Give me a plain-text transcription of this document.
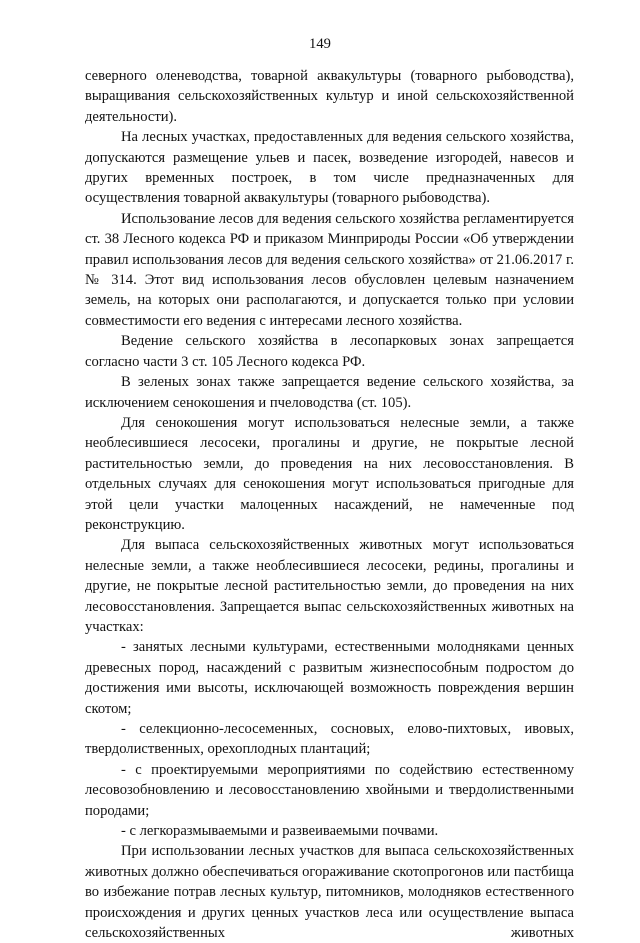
149

северного оленеводства, товарной аквакультуры (товарного рыбоводства), выращивания сельскохозяйственных культур и иной сельскохозяйственной деятельности).

На лесных участках, предоставленных для ведения сельского хозяйства, допускаются размещение ульев и пасек, возведение изгородей, навесов и других временных построек, в том числе предназначенных для осуществления товарной аквакультуры (товарного рыбоводства).

Использование лесов для ведения сельского хозяйства регламентируется ст. 38 Лесного кодекса РФ и приказом Минприроды России «Об утверждении правил использования лесов для ведения сельского хозяйства» от 21.06.2017 г. № 314. Этот вид использования лесов обусловлен целевым назначением земель, на которых они располагаются, и допускается только при условии совместимости его ведения с интересами лесного хозяйства.

Ведение сельского хозяйства в лесопарковых зонах запрещается согласно части 3 ст. 105 Лесного кодекса РФ.

В зеленых зонах также запрещается ведение сельского хозяйства, за исключением сенокошения и пчеловодства (ст. 105).

Для сенокошения могут использоваться нелесные земли, а также необлесившиеся лесосеки, прогалины и другие, не покрытые лесной растительностью земли, до проведения на них лесовосстановления. В отдельных случаях для сенокошения могут использоваться пригодные для этой цели участки малоценных насаждений, не намеченные под реконструкцию.

Для выпаса сельскохозяйственных животных могут использоваться нелесные земли, а также необлесившиеся лесосеки, редины, прогалины и другие, не покрытые лесной растительностью земли, до проведения на них лесовосстановления. Запрещается выпас сельскохозяйственных животных на участках:

- занятых лесными культурами, естественными молодняками ценных древесных пород, насаждений с развитым жизнеспособным подростом до достижения ими высоты, исключающей возможность повреждения вершин скотом;

- селекционно-лесосеменных, сосновых, елово-пихтовых, ивовых, твердолиственных, орехоплодных плантаций;

- с проектируемыми мероприятиями по содействию естественному лесовозобновлению и лесовосстановлению хвойными и твердолиственными породами;

- с легкоразмываемыми и развеиваемыми почвами.

При использовании лесных участков для выпаса сельскохозяйственных животных должно обеспечиваться огораживание скотопрогонов или пастбища во избежание потрав лесных культур, питомников, молодняков естественного происхождения и других ценных участков леса или осуществление выпаса сельскохозяйственных животных
